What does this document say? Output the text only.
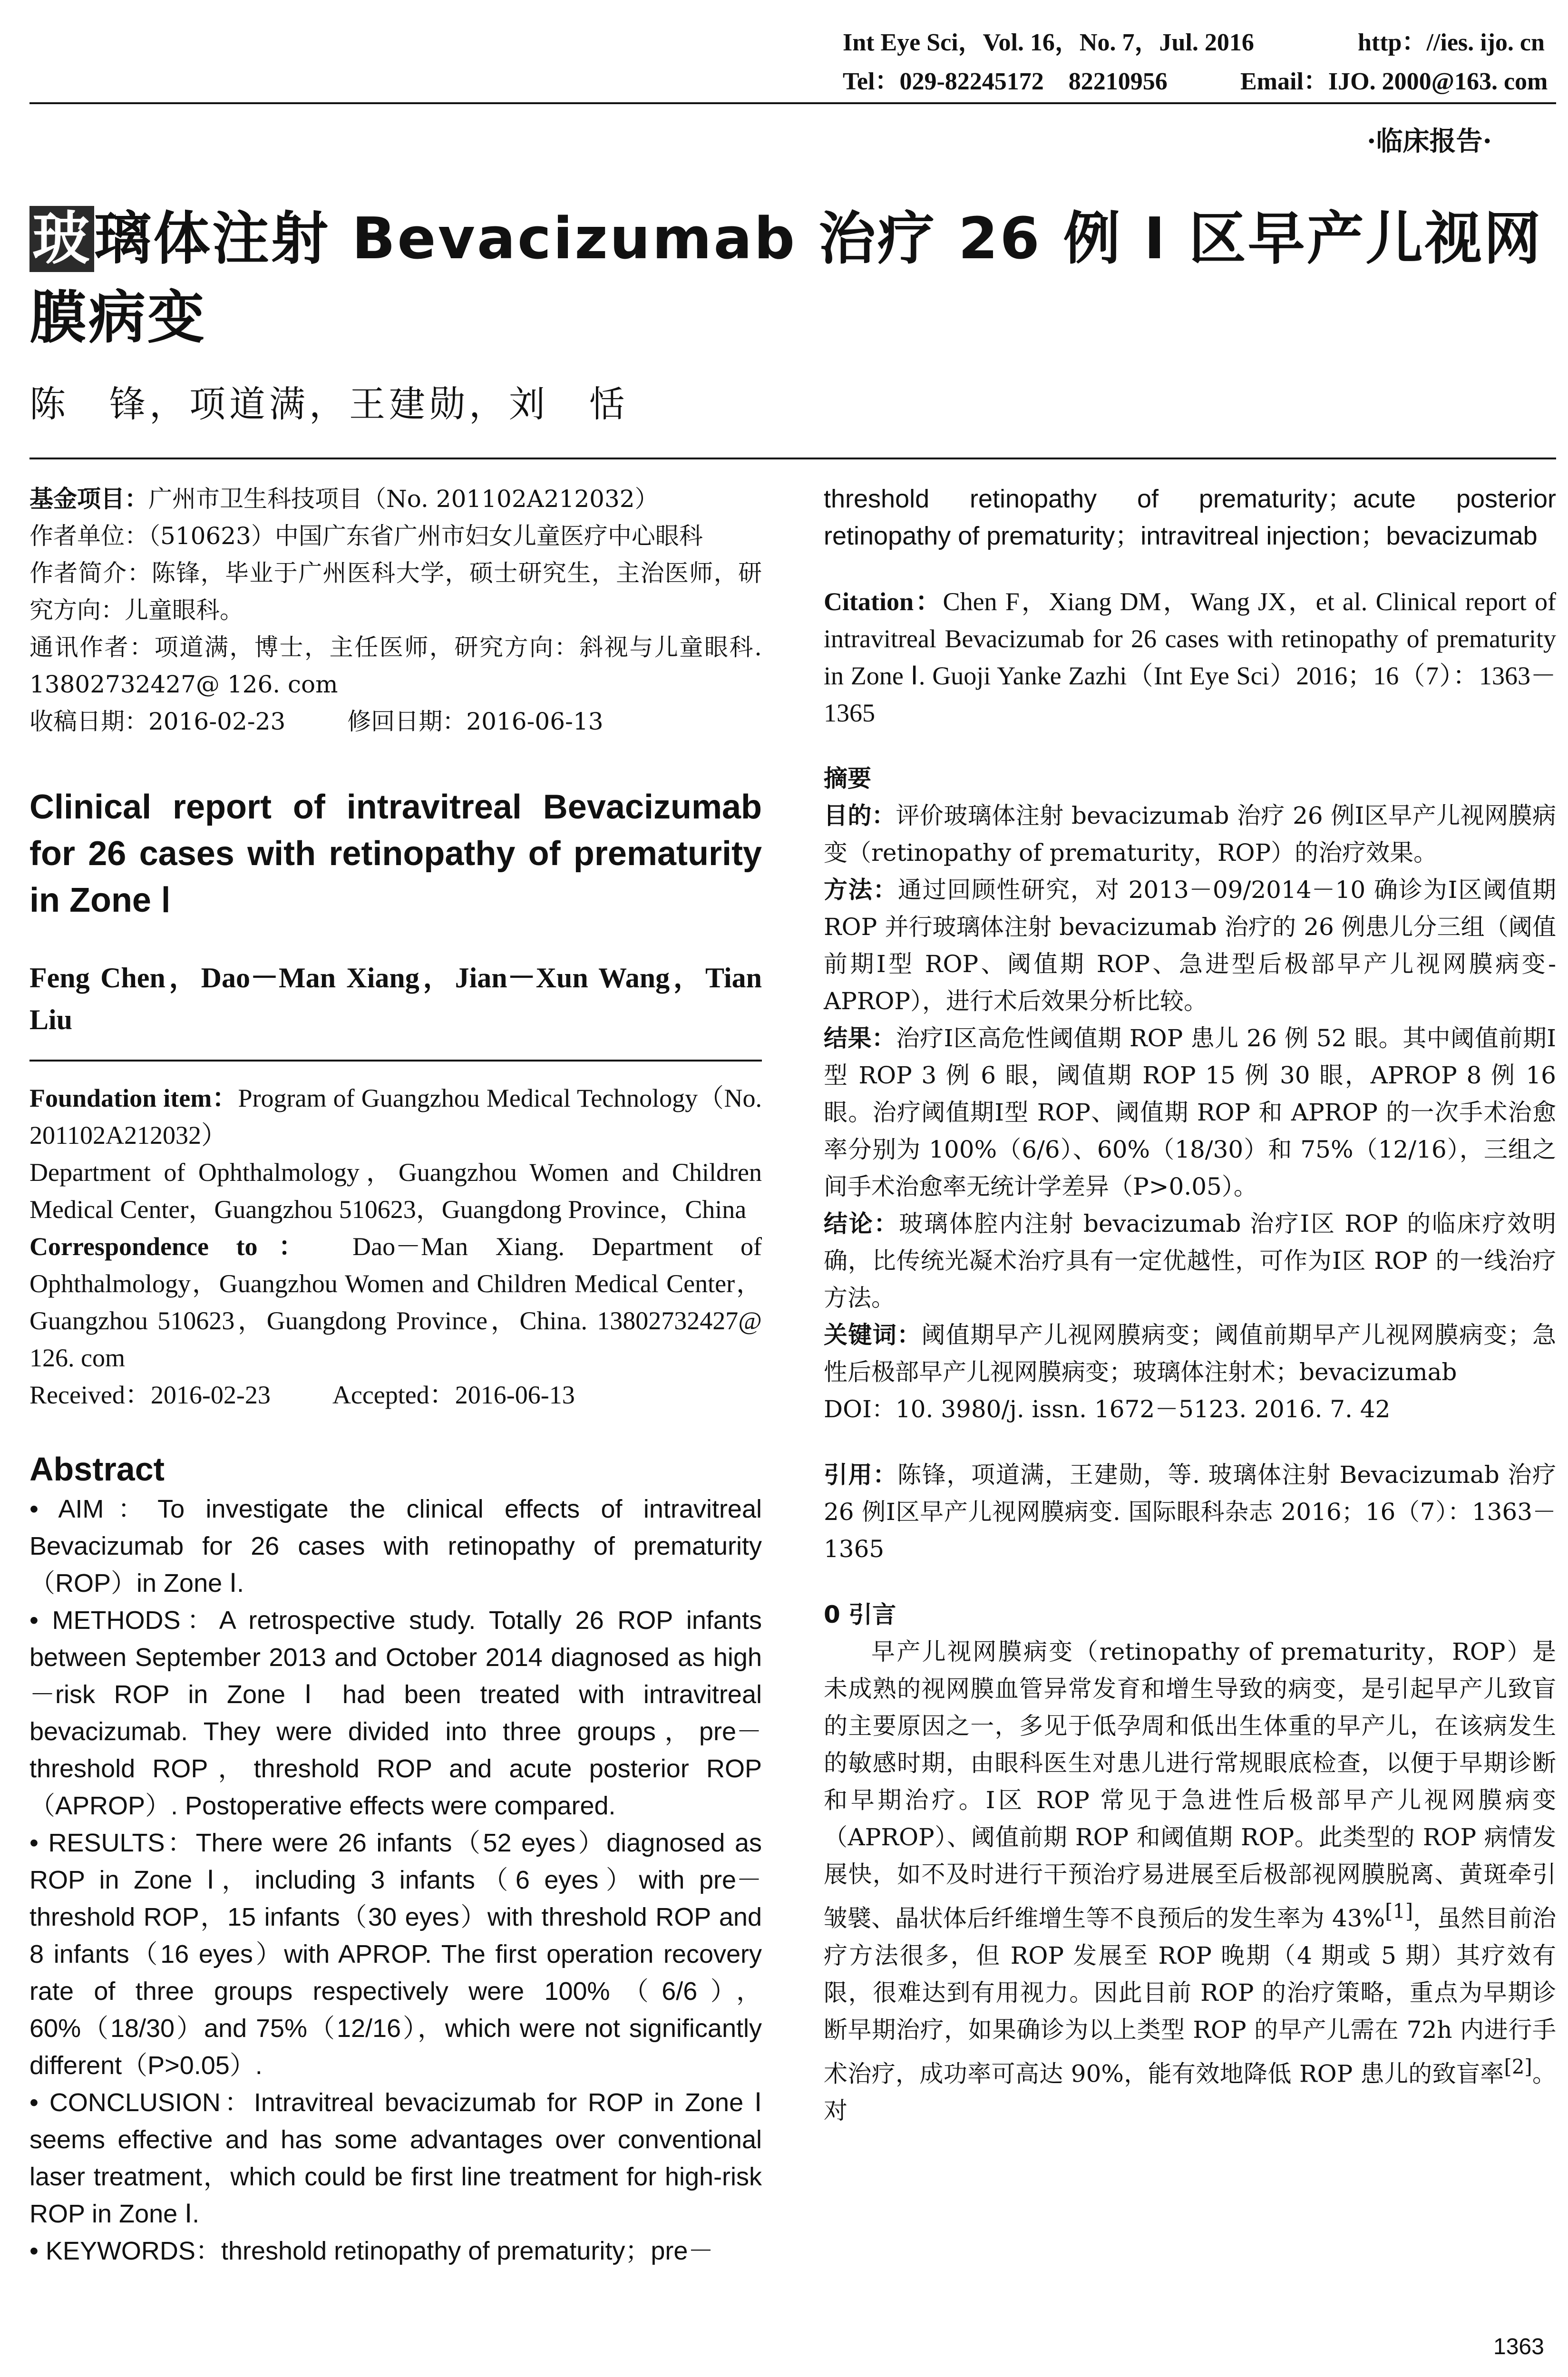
Int Eye Sci，Vol. 16，No. 7，Jul. 2016	http：//ies. ijo. cn
Tel：029-82245172　82210956	Email：IJO. 2000@163. com
·临床报告·
玻璃体注射 Bevacizumab 治疗 26 例 Ⅰ 区早产儿视网膜病变
陈　锋，项道满，王建勋，刘　恬
基金项目：广州市卫生科技项目（No. 201102A212032）
作者单位：（510623）中国广东省广州市妇女儿童医疗中心眼科
作者简介：陈锋，毕业于广州医科大学，硕士研究生，主治医师，研究方向：儿童眼科。
通讯作者：项道满，博士，主任医师，研究方向：斜视与儿童眼科. 13802732427@ 126. com
收稿日期：2016-02-23	修回日期：2016-06-13
Clinical report of intravitreal Bevacizumab for 26 cases with retinopathy of prematurity in Zone Ⅰ
Feng Chen，Dao－Man Xiang，Jian－Xun Wang，Tian Liu
Foundation item：Program of Guangzhou Medical Technology（No. 201102A212032）
Department of Ophthalmology，Guangzhou Women and Children Medical Center，Guangzhou 510623，Guangdong Province，China
Correspondence to： Dao－Man Xiang. Department of Ophthalmology，Guangzhou Women and Children Medical Center，Guangzhou 510623，Guangdong Province，China. 13802732427@ 126. com
Received：2016-02-23 Accepted：2016-06-13
Abstract
• AIM：To investigate the clinical effects of intravitreal Bevacizumab for 26 cases with retinopathy of prematurity（ROP）in Zone Ⅰ.
• METHODS：A retrospective study. Totally 26 ROP infants between September 2013 and October 2014 diagnosed as high－risk ROP in Zone Ⅰ had been treated with intravitreal bevacizumab. They were divided into three groups，pre－threshold ROP，threshold ROP and acute posterior ROP（APROP）. Postoperative effects were compared.
• RESULTS：There were 26 infants（52 eyes）diagnosed as ROP in Zone Ⅰ，including 3 infants（6 eyes）with pre－threshold ROP，15 infants（30 eyes）with threshold ROP and 8 infants（16 eyes）with APROP. The first operation recovery rate of three groups respectively were 100%（6/6），60%（18/30）and 75%（12/16），which were not significantly different（P>0.05）.
• CONCLUSION：Intravitreal bevacizumab for ROP in Zone Ⅰ seems effective and has some advantages over conventional laser treatment，which could be first line treatment for high-risk ROP in Zone Ⅰ.
• KEYWORDS：threshold retinopathy of prematurity；pre－
threshold retinopathy of prematurity；acute posterior retinopathy of prematurity；intravitreal injection；bevacizumab
Citation：Chen F，Xiang DM，Wang JX，et al. Clinical report of intravitreal Bevacizumab for 26 cases with retinopathy of prematurity in Zone Ⅰ. Guoji Yanke Zazhi（Int Eye Sci）2016；16（7）：1363－1365
摘要
目的：评价玻璃体注射 bevacizumab 治疗 26 例Ⅰ区早产儿视网膜病变（retinopathy of prematurity，ROP）的治疗效果。
方法：通过回顾性研究，对 2013－09/2014－10 确诊为Ⅰ区阈值期 ROP 并行玻璃体注射 bevacizumab 治疗的 26 例患儿分三组（阈值前期Ⅰ型 ROP、阈值期 ROP、急进型后极部早产儿视网膜病变-APROP），进行术后效果分析比较。
结果：治疗Ⅰ区高危性阈值期 ROP 患儿 26 例 52 眼。其中阈值前期Ⅰ型 ROP 3 例 6 眼，阈值期 ROP 15 例 30 眼，APROP 8 例 16 眼。治疗阈值期Ⅰ型 ROP、阈值期 ROP 和 APROP 的一次手术治愈率分别为 100%（6/6）、60%（18/30）和 75%（12/16），三组之间手术治愈率无统计学差异（P>0.05）。
结论：玻璃体腔内注射 bevacizumab 治疗Ⅰ区 ROP 的临床疗效明确，比传统光凝术治疗具有一定优越性，可作为Ⅰ区 ROP 的一线治疗方法。
关键词：阈值期早产儿视网膜病变；阈值前期早产儿视网膜病变；急性后极部早产儿视网膜病变；玻璃体注射术；bevacizumab
DOI：10. 3980/j. issn. 1672－5123. 2016. 7. 42
引用：陈锋，项道满，王建勋，等. 玻璃体注射 Bevacizumab 治疗 26 例Ⅰ区早产儿视网膜病变. 国际眼科杂志 2016；16（7）：1363－1365
0 引言
早产儿视网膜病变（retinopathy of prematurity，ROP）是未成熟的视网膜血管异常发育和增生导致的病变，是引起早产儿致盲的主要原因之一，多见于低孕周和低出生体重的早产儿，在该病发生的敏感时期，由眼科医生对患儿进行常规眼底检查，以便于早期诊断和早期治疗。Ⅰ区 ROP 常见于急进性后极部早产儿视网膜病变（APROP）、阈值前期 ROP 和阈值期 ROP。此类型的 ROP 病情发展快，如不及时进行干预治疗易进展至后极部视网膜脱离、黄斑牵引皱襞、晶状体后纤维增生等不良预后的发生率为 43%[1]，虽然目前治疗方法很多，但 ROP 发展至 ROP 晚期（4 期或 5 期）其疗效有限，很难达到有用视力。因此目前 ROP 的治疗策略，重点为早期诊断早期治疗，如果确诊为以上类型 ROP 的早产儿需在 72h 内进行手术治疗，成功率可高达 90%，能有效地降低 ROP 患儿的致盲率[2]。对
1363
